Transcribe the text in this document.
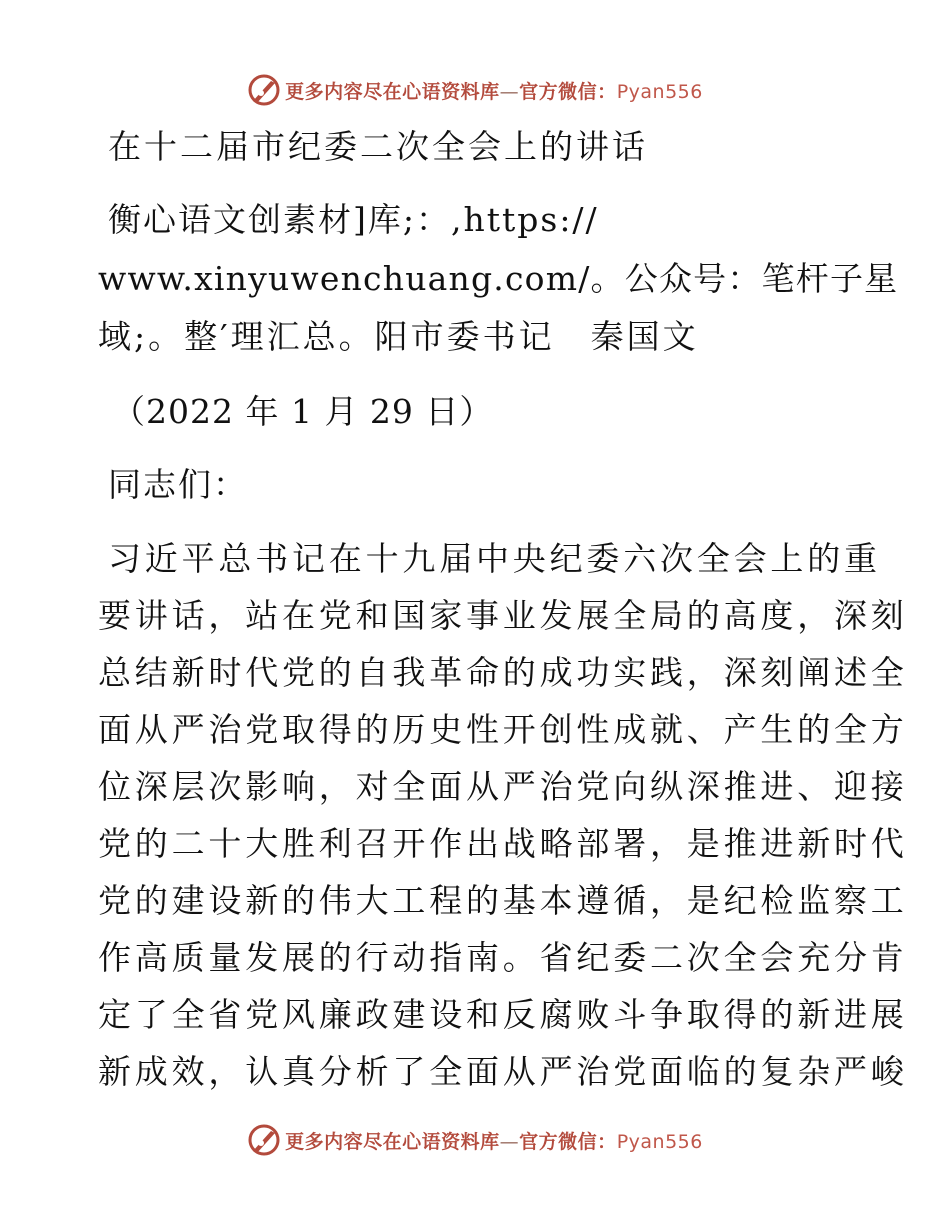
更多内容尽在心语资料库—官方微信：Pyan556
在十二届市纪委二次全会上的讲话
衡心语文创素材]库;：,https://
www.xinyuwenchuang.com/。公众号：笔杆子星
域;。整′理汇总。阳市委书记　秦国文
（2022 年 1 月 29 日）
同志们：
习近平总书记在十九届中央纪委六次全会上的重
要讲话，站在党和国家事业发展全局的高度，深刻
总结新时代党的自我革命的成功实践，深刻阐述全
面从严治党取得的历史性开创性成就、产生的全方
位深层次影响，对全面从严治党向纵深推进、迎接
党的二十大胜利召开作出战略部署，是推进新时代
党的建设新的伟大工程的基本遵循，是纪检监察工
作高质量发展的行动指南。省纪委二次全会充分肯
定了全省党风廉政建设和反腐败斗争取得的新进展
新成效，认真分析了全面从严治党面临的复杂严峻
更多内容尽在心语资料库—官方微信：Pyan556
